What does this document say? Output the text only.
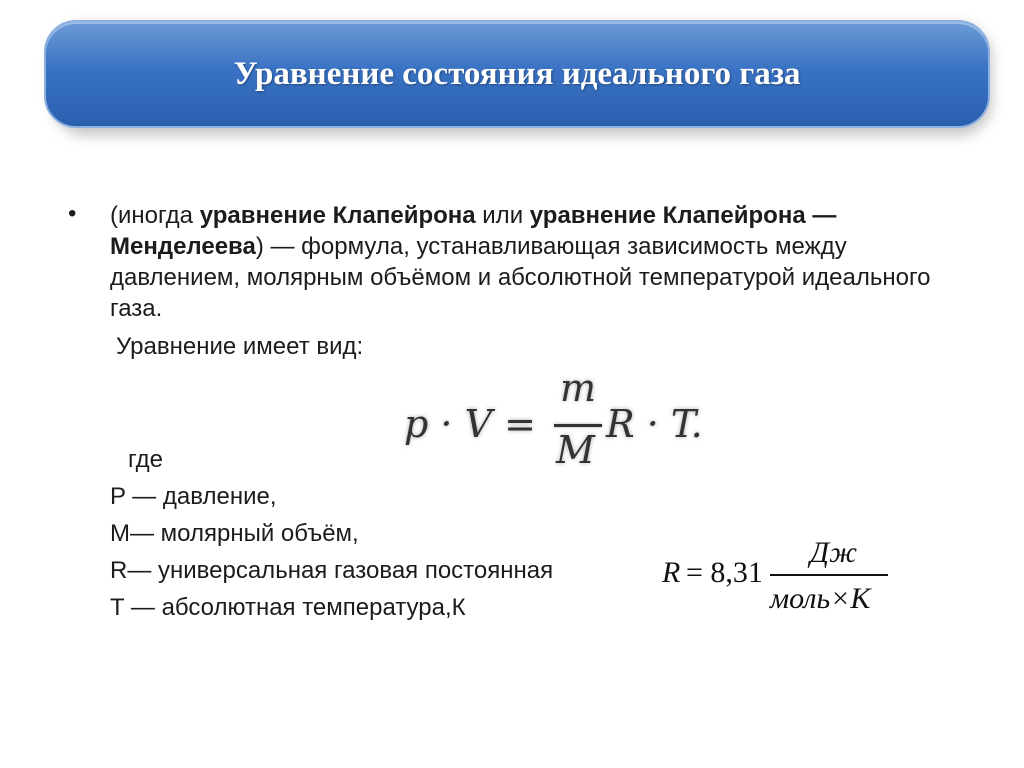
Уравнение состояния идеального газа
• (иногда уравнение Клапейрона или уравнение Клапейрона — Менделеева) — формула, устанавливающая зависимость между давлением, молярным объёмом и абсолютной температурой идеального газа.
Уравнение имеет вид:
p · V =
m
M
R · T.
где
P — давление,
M— молярный объём,
R— универсальная газовая постоянная
T — абсолютная температура,К
R = 8,31
Дж
моль×К
